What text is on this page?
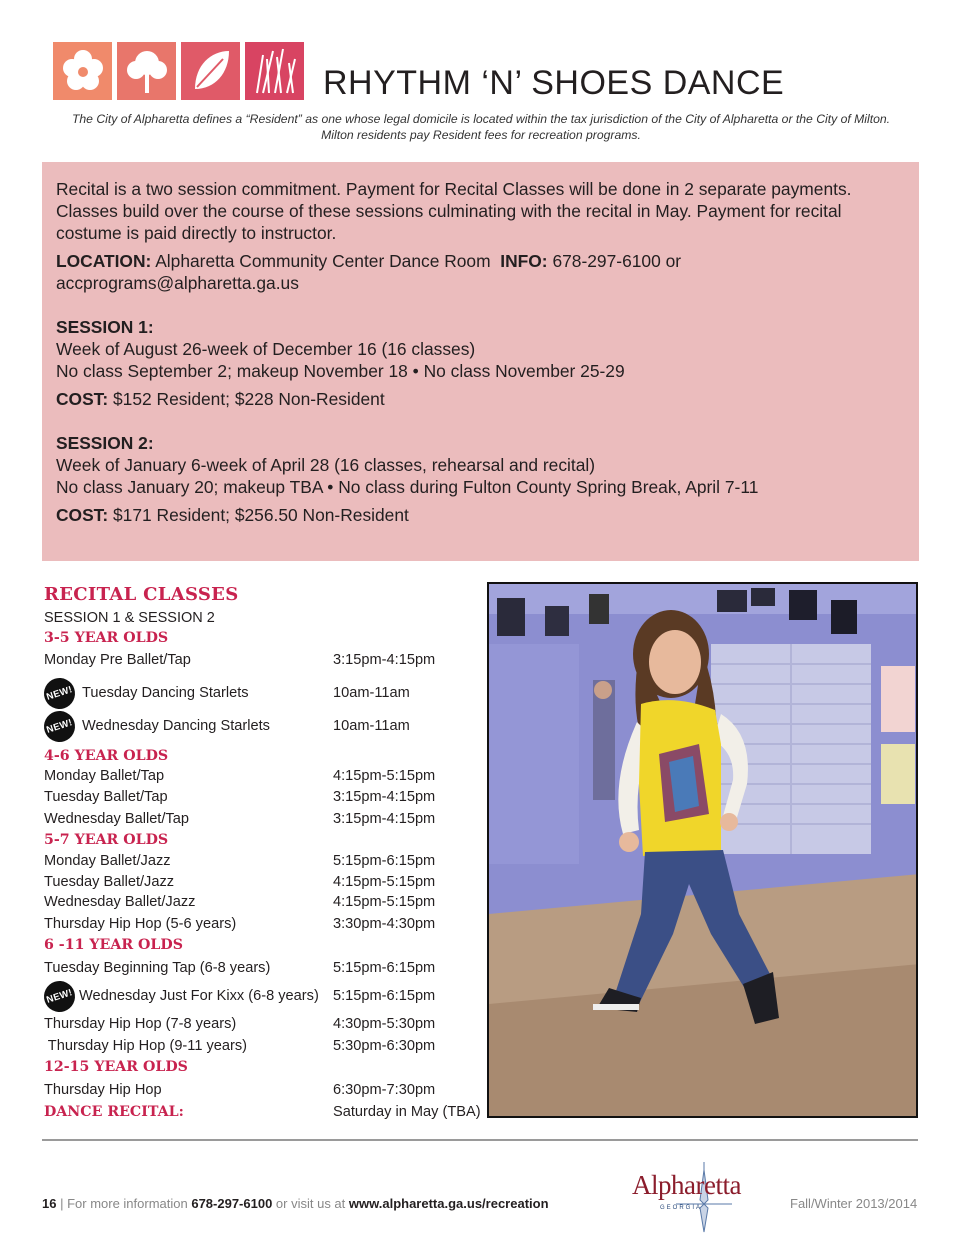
RHYTHM ‘N’ SHOES DANCE
The City of Alpharetta defines a “Resident” as one whose legal domicile is located within the tax jurisdiction of the City of Alpharetta or the City of Milton. Milton residents pay Resident fees for recreation programs.

Recital is a two session commitment. Payment for Recital Classes will be done in 2 separate payments. Classes build over the course of these sessions culminating with the recital in May. Payment for recital costume is paid directly to instructor.

LOCATION: Alpharetta Community Center Dance Room INFO: 678-297-6100 or accprograms@alpharetta.ga.us

SESSION 1:

Week of August 26-week of December 16 (16 classes)

No class September 2; makeup November 18 • No class November 25-29

COST: $152 Resident; $228 Non-Resident

SESSION 2:

Week of January 6-week of April 28 (16 classes, rehearsal and recital)

No class January 20; makeup TBA • No class during Fulton County Spring Break, April 7-11

COST: $171 Resident; $256.50 Non-Resident

RECITAL CLASSES
SESSION 1 & SESSION 2
3-5 YEAR OLDS
Monday Pre Ballet/Tap	3:15pm-4:15pm
NEW! Tuesday Dancing Starlets	10am-11am
NEW! Wednesday Dancing Starlets	10am-11am
4-6 YEAR OLDS
Monday Ballet/Tap	4:15pm-5:15pm
Tuesday Ballet/Tap	3:15pm-4:15pm
Wednesday Ballet/Tap	3:15pm-4:15pm
5-7 YEAR OLDS
Monday Ballet/Jazz	5:15pm-6:15pm
Tuesday Ballet/Jazz	4:15pm-5:15pm
Wednesday Ballet/Jazz	4:15pm-5:15pm
Thursday Hip Hop (5-6 years)	3:30pm-4:30pm
6 -11 YEAR OLDS
Tuesday Beginning Tap (6-8 years)	5:15pm-6:15pm
NEW! Wednesday Just For Kixx (6-8 years) 5:15pm-6:15pm
Thursday Hip Hop (7-8 years)	4:30pm-5:30pm
Thursday Hip Hop (9-11 years)	5:30pm-6:30pm
12-15 YEAR OLDS
Thursday Hip Hop	6:30pm-7:30pm
DANCE RECITAL:	Saturday in May (TBA)
16 | For more information 678-297-6100 or visit us at www.alpharetta.ga.us/recreation
Alpharetta
GEORGIA	Fall/Winter 2013/2014
